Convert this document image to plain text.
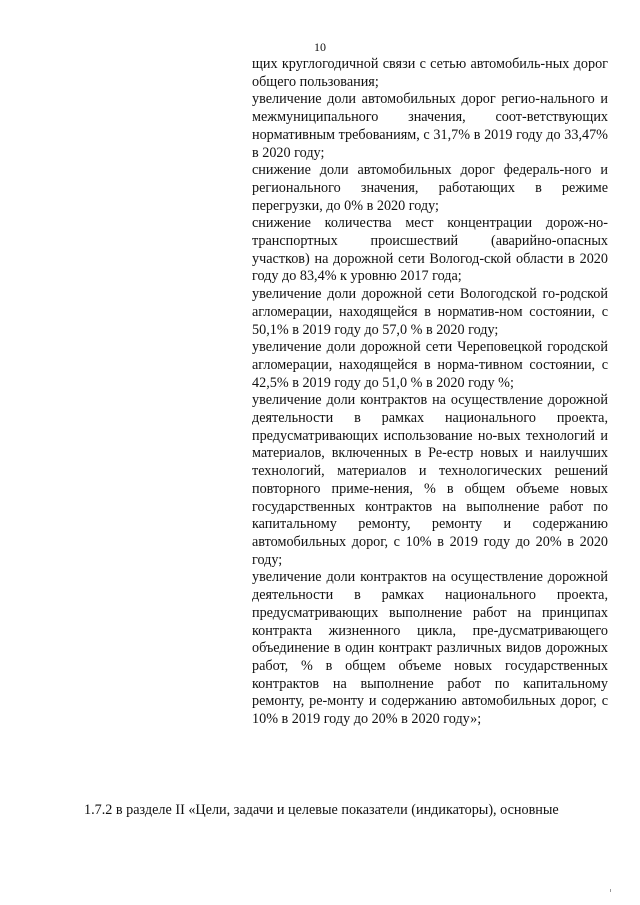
10

щих круглогодичной связи с сетью автомобиль-ных дорог общего пользования;

увеличение доли автомобильных дорог регио-нального и межмуниципального значения, соот-ветствующих нормативным требованиям, с 31,7% в 2019 году до 33,47% в 2020 году;

снижение доли автомобильных дорог федераль-ного и регионального значения, работающих в режиме перегрузки, до 0% в 2020 году;

снижение количества мест концентрации дорож-но-транспортных происшествий (аварийно-опасных участков) на дорожной сети Вологод-ской области в 2020 году до 83,4% к уровню 2017 года;

увеличение доли дорожной сети Вологодской го-родской агломерации, находящейся в норматив-ном состоянии, с 50,1% в 2019 году до 57,0 % в 2020 году;

увеличение доли дорожной сети Череповецкой городской агломерации, находящейся в норма-тивном состоянии, с 42,5% в 2019 году до 51,0 % в 2020 году %;

увеличение доли контрактов на осуществление дорожной деятельности в рамках национального проекта, предусматривающих использование но-вых технологий и материалов, включенных в Ре-естр новых и наилучших технологий, материалов и технологических решений повторного приме-нения, % в общем объеме новых государственных контрактов на выполнение работ по капитальному ремонту, ремонту и содержанию автомобильных дорог, с 10% в 2019 году до 20% в 2020 году;

увеличение доли контрактов на осуществление дорожной деятельности в рамках национального проекта, предусматривающих выполнение работ на принципах контракта жизненного цикла, пре-дусматривающего объединение в один контракт различных видов дорожных работ, % в общем объеме новых государственных контрактов на выполнение работ по капитальному ремонту, ре-монту и содержанию автомобильных дорог, с 10% в 2019 году до 20% в 2020 году»;

1.7.2 в разделе II «Цели, задачи и целевые показатели (индикаторы), основные
